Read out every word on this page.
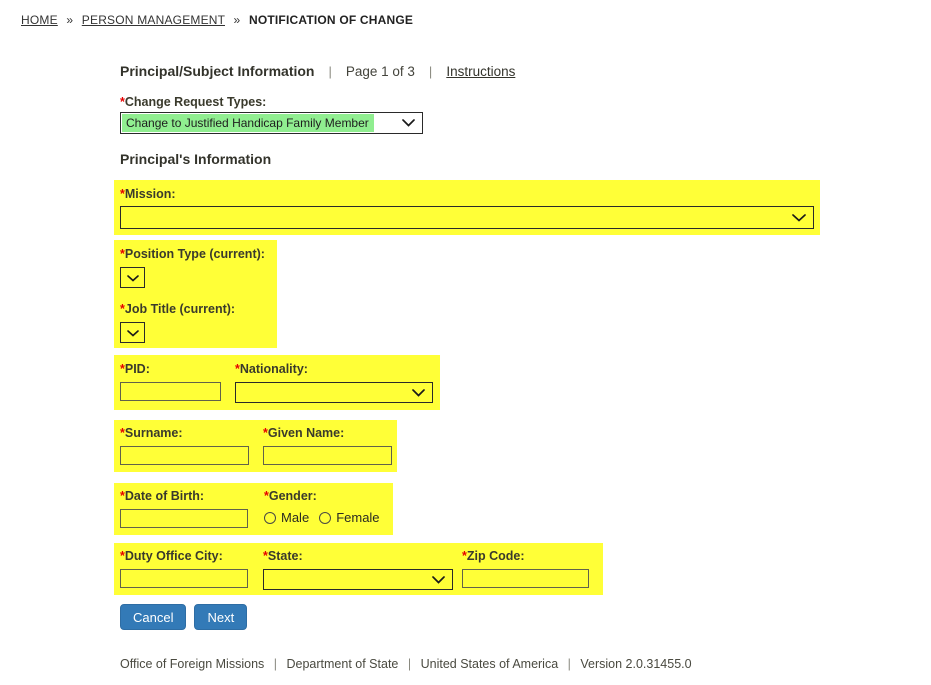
HOME » PERSON MANAGEMENT » NOTIFICATION OF CHANGE
Principal/Subject Information | Page 1 of 3 | Instructions
*Change Request Types:
Change to Justified Handicap Family Member
Principal's Information
*Mission:
*Position Type (current):
*Job Title (current):
*PID:	*Nationality:
*Surname:	*Given Name:
*Date of Birth:	*Gender:
Male Female
*Duty Office City:	*State:	*Zip Code:
Cancel	Next
Office of Foreign Missions | Department of State | United States of America | Version 2.0.31455.0
